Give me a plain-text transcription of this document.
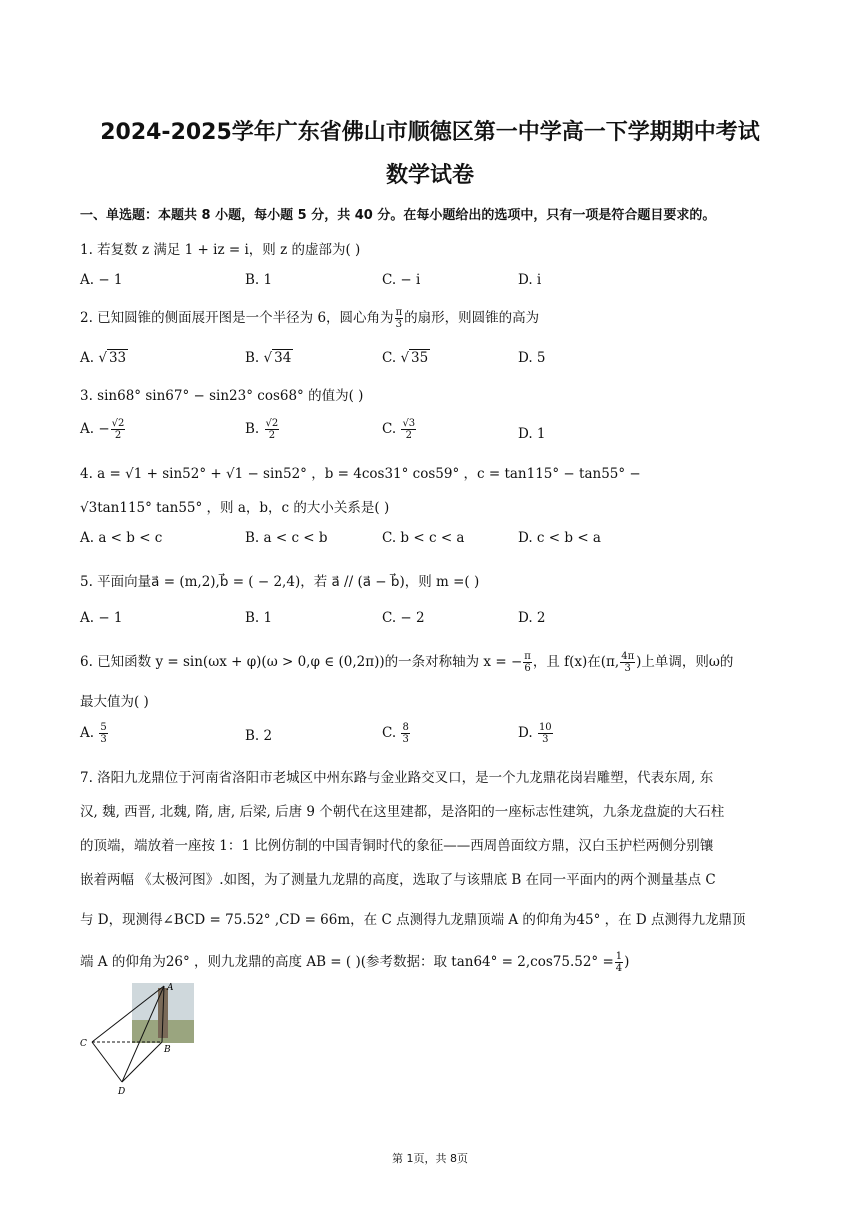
2024-2025学年广东省佛山市顺德区第一中学高一下学期期中考试
数学试卷
一、单选题：本题共 8 小题，每小题 5 分，共 40 分。在每小题给出的选项中，只有一项是符合题目要求的。
1. 若复数 z 满足 1 + iz = i，则 z 的虚部为( )
A. − 1	B. 1	C. − i	D. i
2. 已知圆锥的侧面展开图是一个半径为 6，圆心角为 $\frac{\pi}{3}$ 的扇形，则圆锥的高为
A. √ 33	B. √ 34	C. √ 35	D. 5
3. sin68° sin67° − sin23° cos68° 的值为( )
A. − $\frac{√2}{2}$	B. $\frac{√2}{2}$	C. $\frac{√3}{2}$	D. 1
4. a = √1 + sin52° + √1 − sin52° ，b = 4cos31° cos59° ，c = tan115° − tan55° −
√3tan115° tan55° ，则 a，b，c 的大小关系是( )
A. a < b < c	B. a < c < b	C. b < c < a	D. c < b < a
5. 平面向量a⃗ = (m,2),b⃗ = ( − 2,4)，若 a⃗ // (a⃗ − b⃗)，则 m =( )
A. − 1	B. 1	C. − 2	D. 2
6. 已知函数 y = sin(ωx + φ)(ω > 0,φ ∈ (0,2π))的一条对称轴为 x = − $\frac{\pi}{6}$ ，且 f(x)在(π, $\frac{4\pi}{3}$ )上单调，则ω的
最大值为( )
A. $\frac{5}{3}$	B. 2	C. $\frac{8}{3}$	D. $\frac{10}{3}$
7. 洛阳九龙鼎位于河南省洛阳市老城区中州东路与金业路交叉口，是一个九龙鼎花岗岩雕塑，代表东周, 东
汉, 魏, 西晋, 北魏, 隋, 唐, 后梁, 后唐 9 个朝代在这里建都，是洛阳的一座标志性建筑，九条龙盘旋的大石柱
的顶端，端放着一座按 1：1 比例仿制的中国青铜时代的象征——西周兽面纹方鼎，汉白玉护栏两侧分别镶
嵌着两幅 《太极河图》.如图，为了测量九龙鼎的高度，选取了与该鼎底 B 在同一平面内的两个测量基点 C
与 D，现测得∠BCD = 75.52° ,CD = 66m，在 C 点测得九龙鼎顶端 A 的仰角为45° ，在 D 点测得九龙鼎顶
端 A 的仰角为26° ，则九龙鼎的高度 AB = ( )(参考数据：取 $\tan 64^\circ = 2,\cos 75.52^\circ = \frac{1}{4}$ )
A
B
C
D
第 1页，共 8页
